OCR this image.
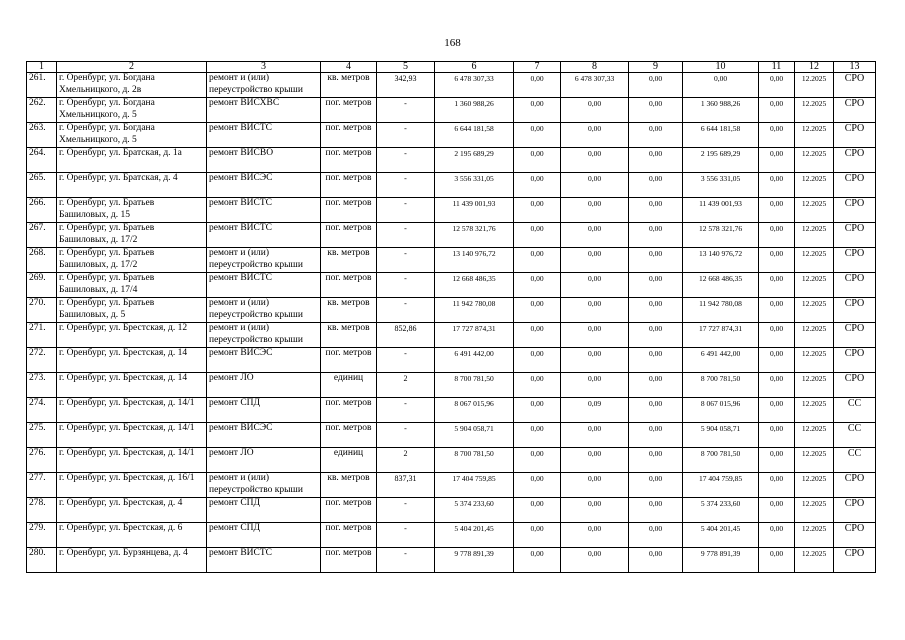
168
1	2	3	4	5	6	7	8	9	10	11	12	13
261.	г. Оренбург, ул. Богдана Хмельницкого, д. 2в	ремонт и (или) переустройство крыши	кв. метров	342,93	6 478 307,33	0,00	6 478 307,33	0,00	0,00	0,00	12.2025	СРО
262.	г. Оренбург, ул. Богдана Хмельницкого, д. 5	ремонт ВИСХВС	пог. метров	-	1 360 988,26	0,00	0,00	0,00	1 360 988,26	0,00	12.2025	СРО
263.	г. Оренбург, ул. Богдана Хмельницкого, д. 5	ремонт ВИСТС	пог. метров	-	6 644 181,58	0,00	0,00	0,00	6 644 181,58	0,00	12.2025	СРО
264.	г. Оренбург, ул. Братская, д. 1а	ремонт ВИСВО	пог. метров	-	2 195 689,29	0,00	0,00	0,00	2 195 689,29	0,00	12.2025	СРО
265.	г. Оренбург, ул. Братская, д. 4	ремонт ВИСЭС	пог. метров	-	3 556 331,05	0,00	0,00	0,00	3 556 331,05	0,00	12.2025	СРО
266.	г. Оренбург, ул. Братьев Башиловых, д. 15	ремонт ВИСТС	пог. метров	-	11 439 001,93	0,00	0,00	0,00	11 439 001,93	0,00	12.2025	СРО
267.	г. Оренбург, ул. Братьев Башиловых, д. 17/2	ремонт ВИСТС	пог. метров	-	12 578 321,76	0,00	0,00	0,00	12 578 321,76	0,00	12.2025	СРО
268.	г. Оренбург, ул. Братьев Башиловых, д. 17/2	ремонт и (или) переустройство крыши	кв. метров	-	13 140 976,72	0,00	0,00	0,00	13 140 976,72	0,00	12.2025	СРО
269.	г. Оренбург, ул. Братьев Башиловых, д. 17/4	ремонт ВИСТС	пог. метров	-	12 668 486,35	0,00	0,00	0,00	12 668 486,35	0,00	12.2025	СРО
270.	г. Оренбург, ул. Братьев Башиловых, д. 5	ремонт и (или) переустройство крыши	кв. метров	-	11 942 780,08	0,00	0,00	0,00	11 942 780,08	0,00	12.2025	СРО
271.	г. Оренбург, ул. Брестская, д. 12	ремонт и (или) переустройство крыши	кв. метров	852,86	17 727 874,31	0,00	0,00	0,00	17 727 874,31	0,00	12.2025	СРО
272.	г. Оренбург, ул. Брестская, д. 14	ремонт ВИСЭС	пог. метров	-	6 491 442,00	0,00	0,00	0,00	6 491 442,00	0,00	12.2025	СРО
273.	г. Оренбург, ул. Брестская, д. 14	ремонт ЛО	единиц	2	8 700 781,50	0,00	0,00	0,00	8 700 781,50	0,00	12.2025	СРО
274.	г. Оренбург, ул. Брестская, д. 14/1	ремонт СПД	пог. метров	-	8 067 015,96	0,00	0,09	0,00	8 067 015,96	0,00	12.2025	СС
275.	г. Оренбург, ул. Брестская, д. 14/1	ремонт ВИСЭС	пог. метров	-	5 904 058,71	0,00	0,00	0,00	5 904 058,71	0,00	12.2025	СС
276.	г. Оренбург, ул. Брестская, д. 14/1	ремонт ЛО	единиц	2	8 700 781,50	0,00	0,00	0,00	8 700 781,50	0,00	12.2025	СС
277.	г. Оренбург, ул. Брестская, д. 16/1	ремонт и (или) переустройство крыши	кв. метров	837,31	17 404 759,85	0,00	0,00	0,00	17 404 759,85	0,00	12.2025	СРО
278.	г. Оренбург, ул. Брестская, д. 4	ремонт СПД	пог. метров	-	5 374 233,60	0,00	0,00	0,00	5 374 233,60	0,00	12.2025	СРО
279.	г. Оренбург, ул. Брестская, д. 6	ремонт СПД	пог. метров	-	5 404 201,45	0,00	0,00	0,00	5 404 201,45	0,00	12.2025	СРО
280.	г. Оренбург, ул. Бурзянцева, д. 4	ремонт ВИСТС	пог. метров	-	9 778 891,39	0,00	0,00	0,00	9 778 891,39	0,00	12.2025	СРО
